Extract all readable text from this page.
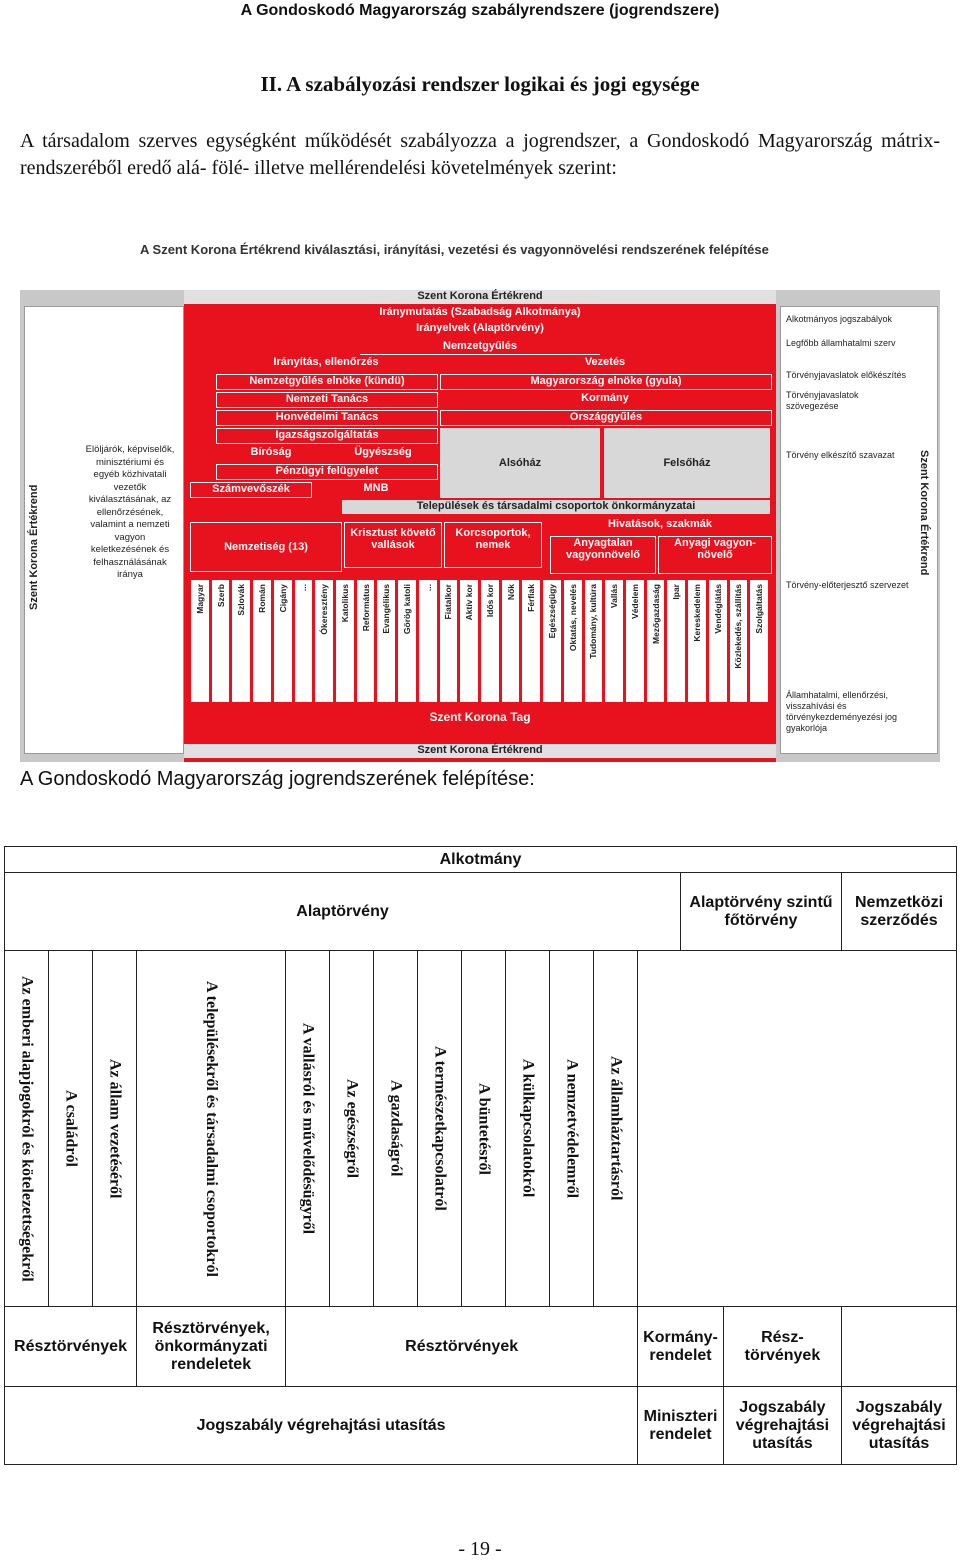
A Gondoskodó Magyarország szabályrendszere (jogrendszere)
II. A szabályozási rendszer logikai és jogi egysége
A társadalom szerves egységként működését szabályozza a jogrendszer, a Gondoskodó Magyarország mátrix-rendszeréből eredő alá- fölé- illetve mellérendelési követelmények szerint:
A Szent Korona Értékrend kiválasztási, irányítási, vezetési és vagyonnövelési rendszerének felépítése
Szent Korona Értékrend
Elöljárók, képviselők, minisztériumi és egyéb közhivatali vezetők kiválasztásának, az ellenőrzésének, valamint a nemzeti vagyon keletkezésének és felhasználásának iránya
Szent Korona Értékrend
Iránymutatás (Szabadság Alkotmánya)
Irányelvek (Alaptörvény)
Nemzetgyűlés
Irányítás, ellenőrzés	Vezetés
Nemzetgyűlés elnöke (kündü)	Magyarország elnöke (gyula)
Nemzeti Tanács	Kormány
Honvédelmi Tanács	Országgyűlés
Igazságszolgáltatás
Bíróság	Ügyészség
Pénzügyi felügyelet
Alsóház	Felsőház
Számvevőszék	MNB
Települések és társadalmi csoportok önkormányzatai
Hivatások, szakmák
Nemzetiség (13)
Krisztust követő vallások
Korcsoportok, nemek	Anyagtalan vagyonnövelő
Anyagi vagyon-növelő
Magyar Szerb Szlovák Román Cigány ... Ókeresztény Katolikus Református Evangélikus Görög katoli ... Fiatalkor Aktív kor Idős kor Nők Férfiak Egészségügy Oktatás, nevelés Tudomány, kultúra Vallás Védelem Mezőgazdaság Ipar Kereskedelem Vendéglátás Közlekedés, szállítás Szolgáltatás
Szent Korona Tag
Szent Korona Értékrend
Alkotmányos jogszabályok
Legfőbb államhatalmi szerv
Törvényjavaslatok előkészítés
Törvényjavaslatok szövegezése
Törvény elkészítő szavazat
Törvény-előterjesztő szervezet
Államhatalmi, ellenőrzési, visszahívási és törvénykezdeményezési jog gyakorlója
Szent Korona Értékrend
A Gondoskodó Magyarország jogrendszerének felépítése:
Alkotmány															
Alaptörvény													Alaptörvény szintű főtörvény		Nemzetközi szerződés

Az emberi alapjogokról és kötelezettségekről	A családról	Az állam vezetéséről	A településekről és társadalmi csoportokról	A vallásról és művelődésügyről	Az egészségről	A gazdaságról	A természetkapcsolatról	A büntetésről	A külkapcsolatokról	A nemzetvédelemről	Az államháztartásról				

Résztörvények			Résztörvények, önkormányzati rendeletek	Résztörvények								Kormány-rendelet		Rész-törvények	
Jogszabály végrehajtási utasítás												Miniszteri rendelet		Jogszabály végrehajtási utasítás	Jogszabály végrehajtási utasítás
- 19 -
